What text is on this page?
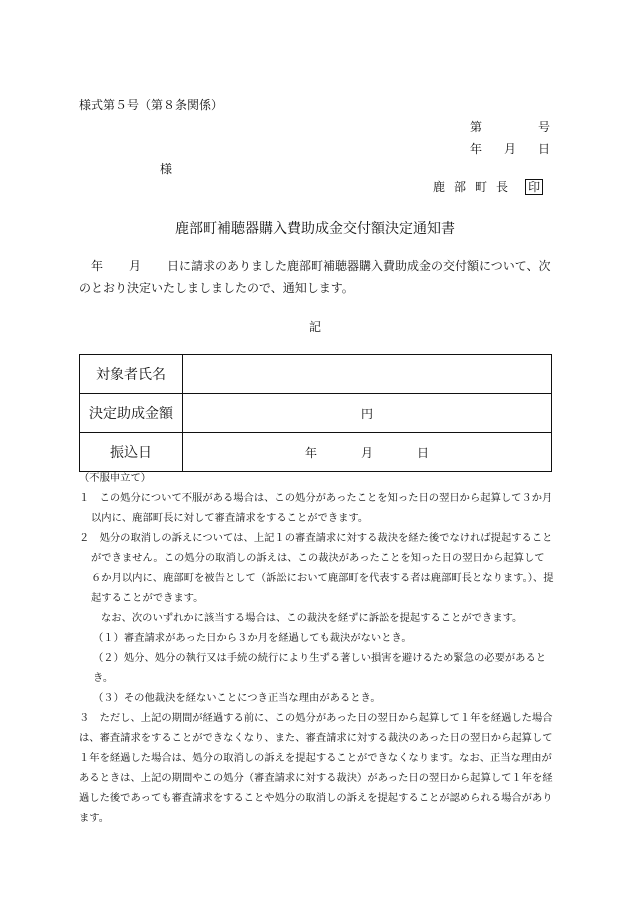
様式第５号（第８条関係）
第	号
年 月 日
様
鹿 部 町 長 印
鹿部町補聴器購入費助成金交付額決定通知書
年 月 日に請求のありました鹿部町補聴器購入費助成金の交付額について、次のとおり決定いたしましましたので、通知します。
記
対象者氏名	
決定助成金額	円
振込日	年 月 日

（不服申立て）

１　この処分について不服がある場合は、この処分があったことを知った日の翌日から起算して３か月以内に、鹿部町長に対して審査請求をすることができます。

２　処分の取消しの訴えについては、上記１の審査請求に対する裁決を経た後でなければ提起することができません。この処分の取消しの訴えは、この裁決があったことを知った日の翌日から起算して６か月以内に、鹿部町を被告として（訴訟において鹿部町を代表する者は鹿部町長となります。）、提起することができます。

なお、次のいずれかに該当する場合は、この裁決を経ずに訴訟を提起することができます。

（１）審査請求があった日から３か月を経過しても裁決がないとき。

（２）処分、処分の執行又は手続の続行により生ずる著しい損害を避けるため緊急の必要があるとき。

（３）その他裁決を経ないことにつき正当な理由があるとき。

３　ただし、上記の期間が経過する前に、この処分があった日の翌日から起算して１年を経過した場合は、審査請求をすることができなくなり、また、審査請求に対する裁決のあった日の翌日から起算して１年を経過した場合は、処分の取消しの訴えを提起することができなくなります。なお、正当な理由があるときは、上記の期間やこの処分（審査請求に対する裁決）があった日の翌日から起算して１年を経過した後であっても審査請求をすることや処分の取消しの訴えを提起することが認められる場合があります。
